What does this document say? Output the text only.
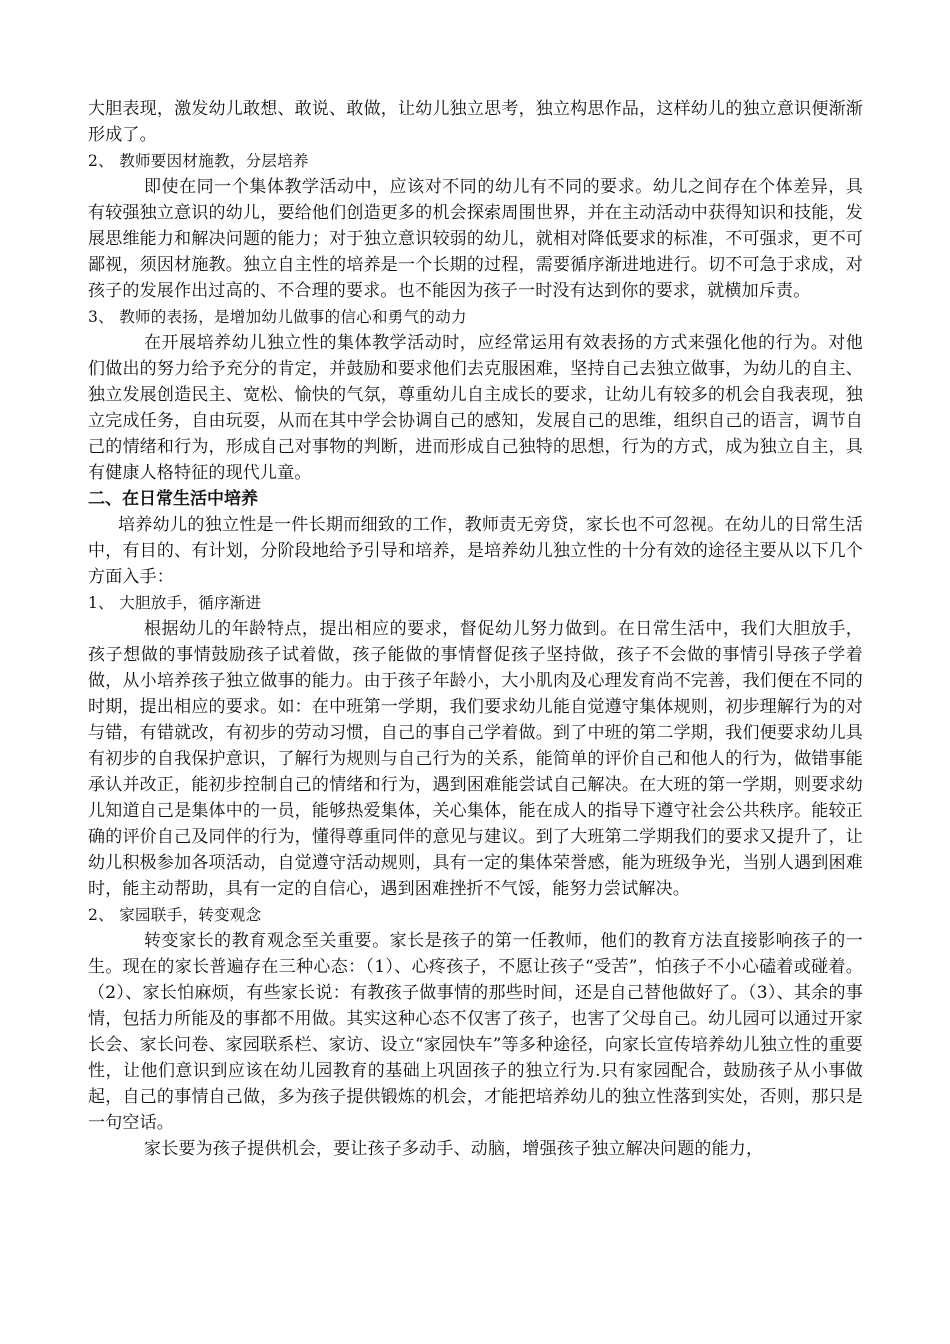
大胆表现，激发幼儿敢想、敢说、敢做，让幼儿独立思考，独立构思作品，这样幼儿的独立意识便渐渐形成了。

2、 教师要因材施教，分层培养

即使在同一个集体教学活动中，应该对不同的幼儿有不同的要求。幼儿之间存在个体差异，具有较强独立意识的幼儿，要给他们创造更多的机会探索周围世界，并在主动活动中获得知识和技能，发展思维能力和解决问题的能力；对于独立意识较弱的幼儿，就相对降低要求的标准，不可强求，更不可鄙视，须因材施教。独立自主性的培养是一个长期的过程，需要循序渐进地进行。切不可急于求成，对孩子的发展作出过高的、不合理的要求。也不能因为孩子一时没有达到你的要求，就横加斥责。

3、 教师的表扬，是增加幼儿做事的信心和勇气的动力

在开展培养幼儿独立性的集体教学活动时，应经常运用有效表扬的方式来强化他的行为。对他们做出的努力给予充分的肯定，并鼓励和要求他们去克服困难，坚持自己去独立做事，为幼儿的自主、独立发展创造民主、宽松、愉快的气氛，尊重幼儿自主成长的要求，让幼儿有较多的机会自我表现，独立完成任务，自由玩耍，从而在其中学会协调自己的感知，发展自己的思维，组织自己的语言，调节自己的情绪和行为，形成自己对事物的判断，进而形成自己独特的思想，行为的方式，成为独立自主，具有健康人格特征的现代儿童。

二、在日常生活中培养

培养幼儿的独立性是一件长期而细致的工作，教师责无旁贷，家长也不可忽视。在幼儿的日常生活中，有目的、有计划，分阶段地给予引导和培养，是培养幼儿独立性的十分有效的途径主要从以下几个方面入手：

1、 大胆放手，循序渐进

根据幼儿的年龄特点，提出相应的要求，督促幼儿努力做到。在日常生活中，我们大胆放手，孩子想做的事情鼓励孩子试着做，孩子能做的事情督促孩子坚持做，孩子不会做的事情引导孩子学着做，从小培养孩子独立做事的能力。由于孩子年龄小，大小肌肉及心理发育尚不完善，我们便在不同的时期，提出相应的要求。如：在中班第一学期，我们要求幼儿能自觉遵守集体规则，初步理解行为的对与错，有错就改，有初步的劳动习惯，自己的事自己学着做。到了中班的第二学期，我们便要求幼儿具有初步的自我保护意识，了解行为规则与自己行为的关系，能简单的评价自己和他人的行为，做错事能承认并改正，能初步控制自己的情绪和行为，遇到困难能尝试自己解决。在大班的第一学期，则要求幼儿知道自己是集体中的一员，能够热爱集体，关心集体，能在成人的指导下遵守社会公共秩序。能较正确的评价自己及同伴的行为，懂得尊重同伴的意见与建议。到了大班第二学期我们的要求又提升了，让幼儿积极参加各项活动，自觉遵守活动规则，具有一定的集体荣誉感，能为班级争光，当别人遇到困难时，能主动帮助，具有一定的自信心，遇到困难挫折不气馁，能努力尝试解决。

2、 家园联手，转变观念

转变家长的教育观念至关重要。家长是孩子的第一任教师，他们的教育方法直接影响孩子的一生。现在的家长普遍存在三种心态：（1）、心疼孩子，不愿让孩子“受苦”，怕孩子不小心磕着或碰着。（2）、家长怕麻烦，有些家长说：有教孩子做事情的那些时间，还是自己替他做好了。（3）、其余的事情，包括力所能及的事都不用做。其实这种心态不仅害了孩子，也害了父母自己。幼儿园可以通过开家长会、家长问卷、家园联系栏、家访、设立“家园快车”等多种途径，向家长宣传培养幼儿独立性的重要性，让他们意识到应该在幼儿园教育的基础上巩固孩子的独立行为.只有家园配合，鼓励孩子从小事做起，自己的事情自己做，多为孩子提供锻炼的机会，才能把培养幼儿的独立性落到实处，否则，那只是一句空话。

家长要为孩子提供机会，要让孩子多动手、动脑，增强孩子独立解决问题的能力，
